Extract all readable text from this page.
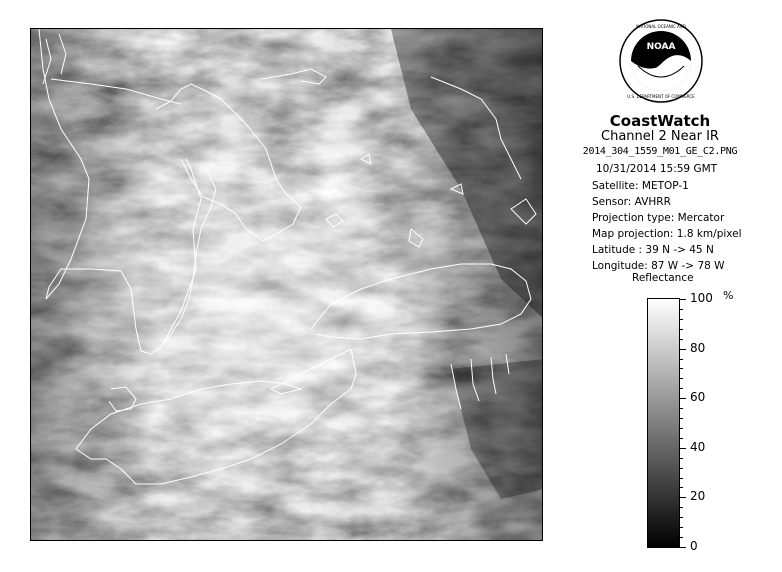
NOAA
NATIONAL OCEANIC AND
U.S. DEPARTMENT OF COMMERCE
CoastWatch
Channel 2 Near IR
2014_304_1559_M01_GE_C2.PNG
10/31/2014 15:59 GMT
Satellite: METOP-1
Sensor: AVHRR
Projection type: Mercator
Map projection: 1.8 km/pixel
Latitude : 39 N -> 45 N
Longitude: 87 W -> 78 W
Reflectance
%
100
80
60
40
20
0
